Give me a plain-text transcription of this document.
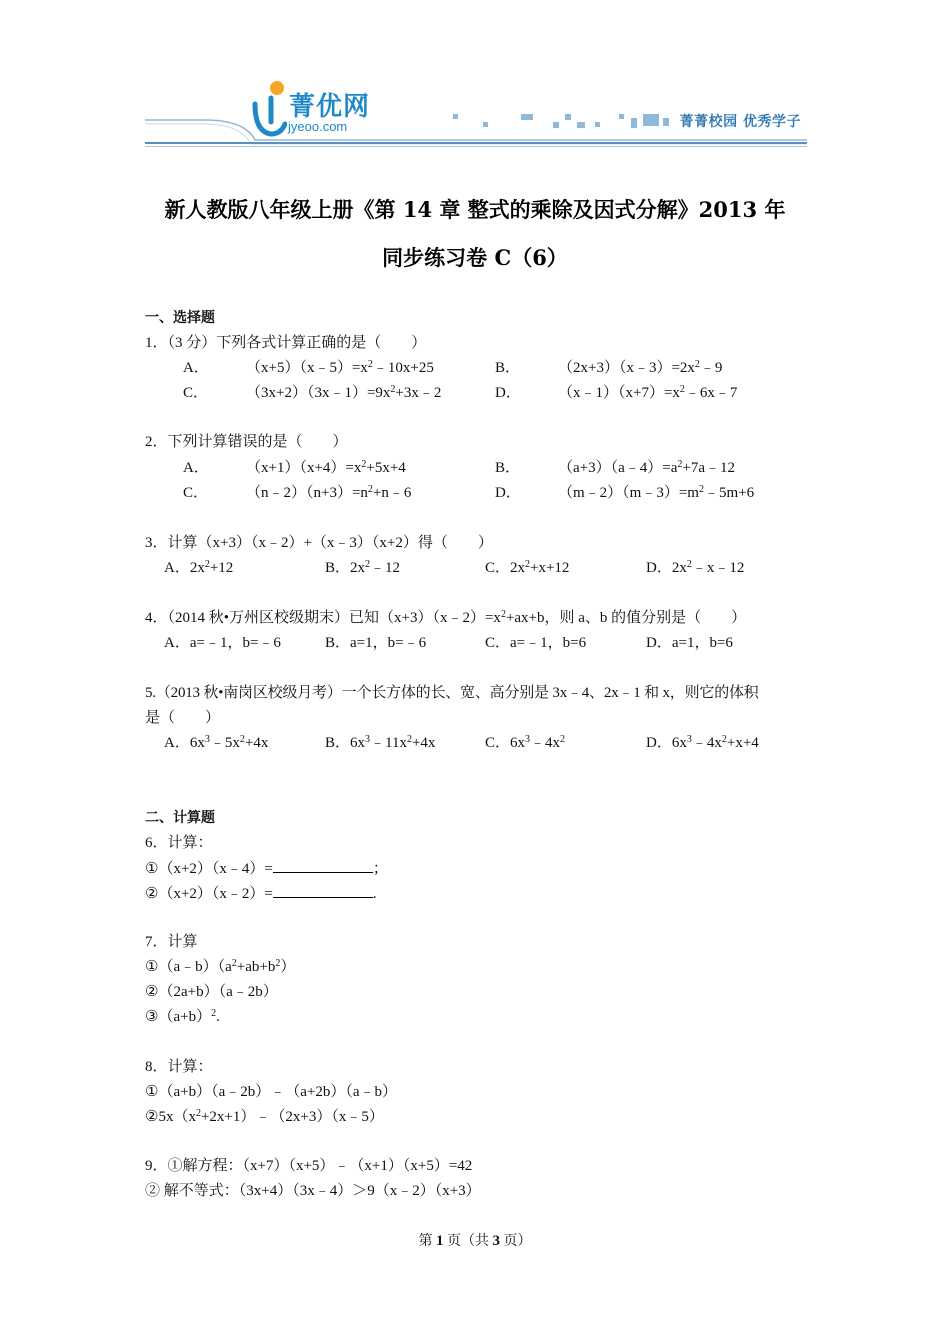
菁优网
jyeoo.com	菁菁校园 优秀学子
新人教版八年级上册《第 14 章 整式的乘除及因式分解》2013 年
同步练习卷 C（6）
一、选择题
1．（3 分）下列各式计算正确的是（　　）
A． $(x+5)(x﹣5)=x^2﹣10x+25$	B．	$(2x+3)(x﹣3)=2x^2﹣9$
C．	$(3x+2)(3x﹣1)=9x^2+3x﹣2$	D． $(x﹣1)(x+7)=x^2﹣6x﹣7$
2．下列计算错误的是（　　）
A． $(x+1)(x+4)=x^2+5x+4$	B．	$(a+3)(a﹣4)=a^2+7a﹣12$
C．	$(n﹣2)(n+3)=n^2+n﹣6$	D． $(m﹣2)(m﹣3)=m^2﹣5m+6$
3．计算（x+3）（x﹣2）+（x﹣3）（x+2）得（　　）
A．$2x^2+12$	B．$2x^2﹣12$	C．$2x^2+x+12$	D．$2x^2﹣x﹣12$
4．（2014 秋•万州区校级期末）已知$(x+3)(x﹣2)=x^2+ax+b$，则 a、b 的值分别是（　　）
A．a=﹣1，b=﹣6	B．a=1，b=﹣6	C．a=﹣1，b=6	D．a=1，b=6
5.（2013 秋•南岗区校级月考）一个长方体的长、宽、高分别是 3x﹣4、2x﹣1 和 x，则它的体积
是（　　）
A．$6x^3﹣5x^2+4x$	B．$6x^3﹣11x^2+4x$	C．$6x^3﹣4x^2$	D．$6x^3﹣4x^2+x+4$
二、计算题
6．计算：
①（x+2）（x﹣4）=	；
②（x+2）（x﹣2）=	.
7．计算
$①(a﹣b)(a^2+ab+b^2)$
②（2a+b）（a﹣2b）
$③(a+b)^2$.
8．计算：
①（a+b）（a﹣2b）﹣（a+2b）（a﹣b）
$②5x(x^2+2x+1)﹣(2x+3)(x﹣5)$
9．①解方程：（x+7）（x+5）﹣（x+1）（x+5）=42
② 解不等式：（3x+4）（3x﹣4）＞9（x﹣2）（x+3）
第 1 页（共 3 页）
